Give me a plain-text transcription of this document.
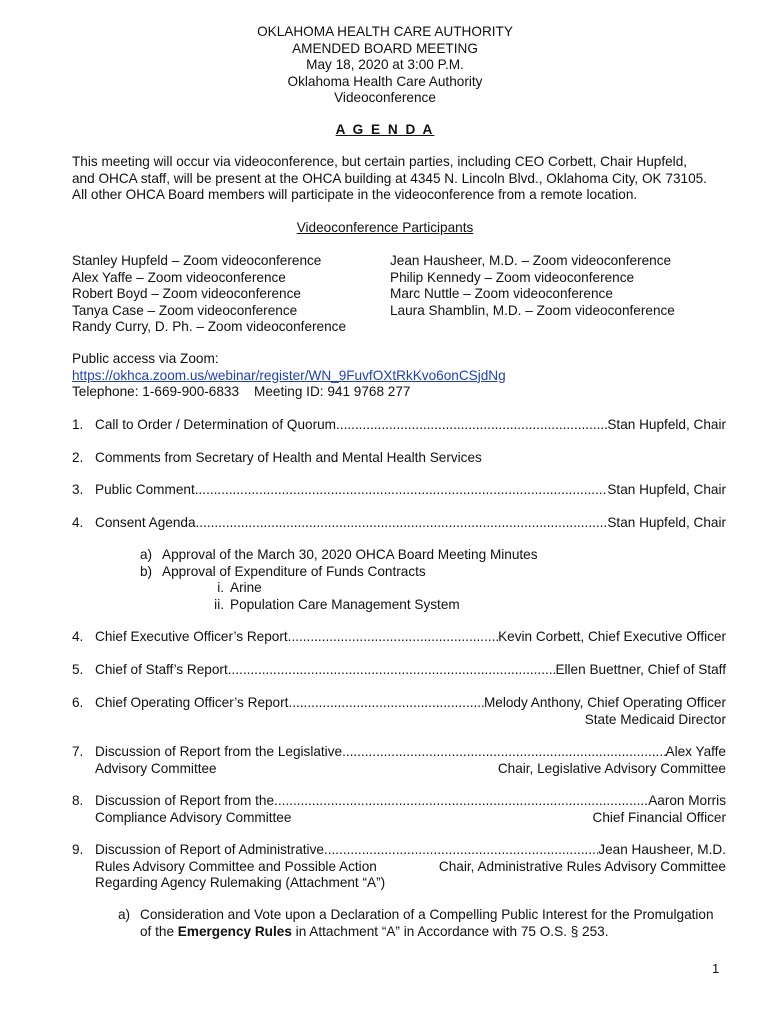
OKLAHOMA HEALTH CARE AUTHORITY
AMENDED BOARD MEETING
May 18, 2020 at 3:00 P.M.
Oklahoma Health Care Authority
Videoconference
A G E N D A
This meeting will occur via videoconference, but certain parties, including CEO Corbett, Chair Hupfeld,
and OHCA staff, will be present at the OHCA building at 4345 N. Lincoln Blvd., Oklahoma City, OK 73105.
All other OHCA Board members will participate in the videoconference from a remote location.
Videoconference Participants
Stanley Hupfeld – Zoom videoconference
Alex Yaffe – Zoom videoconference
Robert Boyd – Zoom videoconference
Tanya Case – Zoom videoconference
Randy Curry, D. Ph. – Zoom videoconference
Jean Hausheer, M.D. – Zoom videoconference
Philip Kennedy – Zoom videoconference
Marc Nuttle – Zoom videoconference
Laura Shamblin, M.D. – Zoom videoconference
Public access via Zoom:
https://okhca.zoom.us/webinar/register/WN_9FuvfOXtRkKvo6onCSjdNg
Telephone: 1-669-900-6833 Meeting ID: 941 9768 277
1. Call to Order / Determination of Quorum .....	Stan Hupfeld, Chair
2. Comments from Secretary of Health and Mental Health Services
3. Public Comment .....	Stan Hupfeld, Chair
4. Consent Agenda .....	Stan Hupfeld, Chair
a) Approval of the March 30, 2020 OHCA Board Meeting Minutes
b) Approval of Expenditure of Funds Contracts
i. Arine
ii. Population Care Management System
4. Chief Executive Officer’s Report .....	Kevin Corbett, Chief Executive Officer
5. Chief of Staff’s Report .....	Ellen Buettner, Chief of Staff
6. Chief Operating Officer’s Report .....	Melody Anthony, Chief Operating Officer
State Medicaid Director
7. Discussion of Report from the Legislative .....	Alex Yaffe
Advisory Committee	Chair, Legislative Advisory Committee
8. Discussion of Report from the .....	Aaron Morris
Compliance Advisory Committee	Chief Financial Officer
9. Discussion of Report of Administrative .....	Jean Hausheer, M.D.
Rules Advisory Committee and Possible Action	Chair, Administrative Rules Advisory Committee
Regarding Agency Rulemaking (Attachment “A”)
a) Consideration and Vote upon a Declaration of a Compelling Public Interest for the Promulgation
of the Emergency Rules in Attachment “A” in Accordance with 75 O.S. § 253.
1
